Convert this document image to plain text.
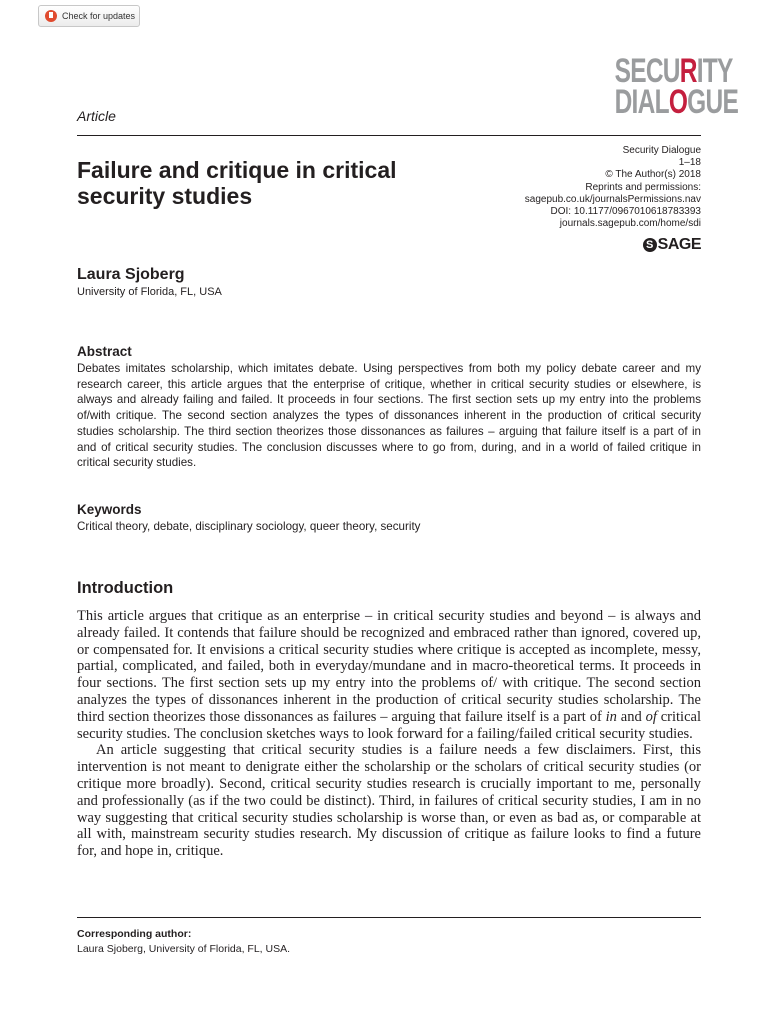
Check for updates
SECURITY
DIALOGUE
Article
Security Dialogue
1–18
© The Author(s) 2018
Reprints and permissions:
sagepub.co.uk/journalsPermissions.nav
DOI: 10.1177/0967010618783393
journals.sagepub.com/home/sdi
S SAGE
Failure and critique in critical security studies
Laura Sjoberg
University of Florida, FL, USA
Abstract

Debates imitates scholarship, which imitates debate. Using perspectives from both my policy debate career and my research career, this article argues that the enterprise of critique, whether in critical security studies or elsewhere, is always and already failing and failed. It proceeds in four sections. The first section sets up my entry into the problems of/with critique. The second section analyzes the types of dissonances inherent in the production of critical security studies scholarship. The third section theorizes those dissonances as failures – arguing that failure itself is a part of in and of critical security studies. The conclusion discusses where to go from, during, and in a world of failed critique in critical security studies.

Keywords
Critical theory, debate, disciplinary sociology, queer theory, security
Introduction

This article argues that critique as an enterprise – in critical security studies and beyond – is always and already failed. It contends that failure should be recognized and embraced rather than ignored, covered up, or compensated for. It envisions a critical security studies where critique is accepted as incomplete, messy, partial, complicated, and failed, both in everyday/mundane and in macro-theoretical terms. It proceeds in four sections. The first section sets up my entry into the problems of/ with critique. The second section analyzes the types of dissonances inherent in the production of critical security studies scholarship. The third section theorizes those dissonances as failures – arguing that failure itself is a part of in and of critical security studies. The conclusion sketches ways to look forward for a failing/failed critical security studies.

An article suggesting that critical security studies is a failure needs a few disclaimers. First, this intervention is not meant to denigrate either the scholarship or the scholars of critical security studies (or critique more broadly). Second, critical security studies research is crucially important to me, personally and professionally (as if the two could be distinct). Third, in failures of critical security studies, I am in no way suggesting that critical security studies scholarship is worse than, or even as bad as, or comparable at all with, mainstream security studies research. My discussion of critique as failure looks to find a future for, and hope in, critique.

Corresponding author:
Laura Sjoberg, University of Florida, FL, USA.
